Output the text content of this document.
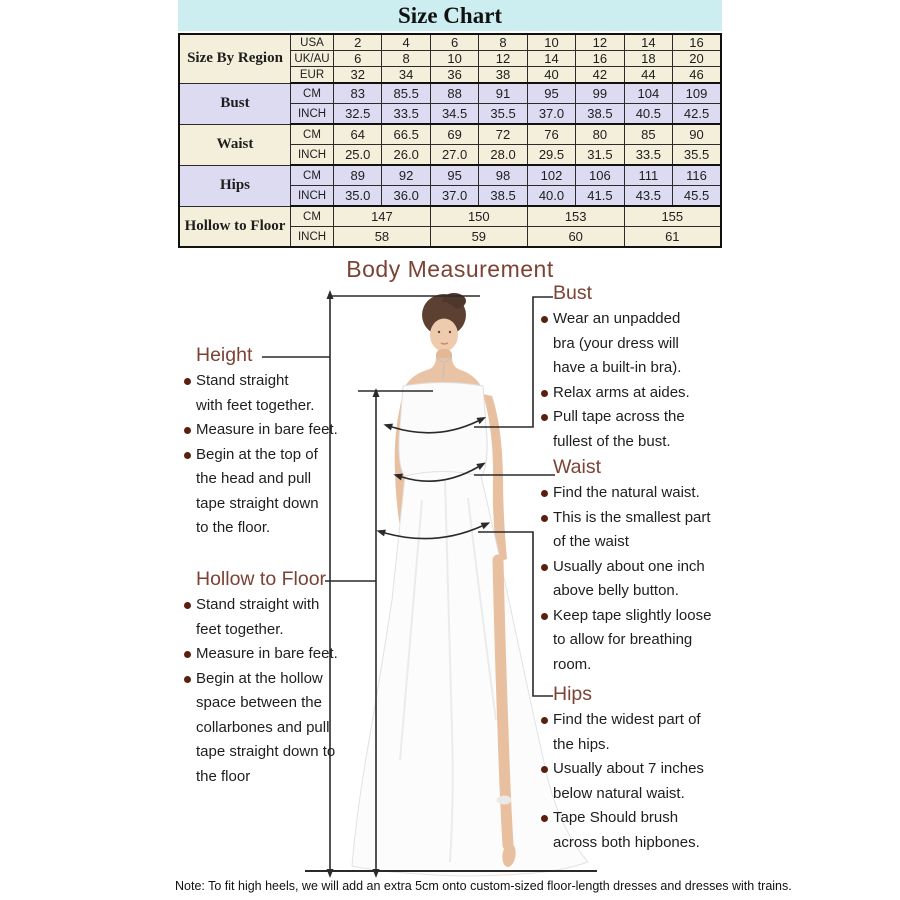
Size Chart
Size By Region	USA	2	4	6	8	10	12	14	16
	UK/AU	6	8	10	12	14	16	18	20
	EUR	32	34	36	38	40	42	44	46
Bust	CM	83	85.5	88	91	95	99	104	109
	INCH	32.5	33.5	34.5	35.5	37.0	38.5	40.5	42.5
Waist	CM	64	66.5	69	72	76	80	85	90
	INCH	25.0	26.0	27.0	28.0	29.5	31.5	33.5	35.5
Hips	CM	89	92	95	98	102	106	111	116
	INCH	35.0	36.0	37.0	38.5	40.0	41.5	43.5	45.5
Hollow to Floor	CM	147		150		153		155	
	INCH	58		59		60		61	
Body Measurement
Height
Stand straight
with feet together.
Measure in bare feet.
Begin at the top of
the head and pull
tape straight down
to the floor.
Hollow to Floor
Stand straight with
feet together.
Measure in bare feet.
Begin at the hollow
space between the
collarbones and pull
tape straight down to
the floor
Bust
Wear an unpadded
bra (your dress will
have a built-in bra).
Relax arms at aides.
Pull tape across the
fullest of the bust.
Waist
Find the natural waist.
This is the smallest part
of the waist
Usually about one inch
above belly button.
Keep tape slightly loose
to allow for breathing
room.
Hips
Find the widest part of
the hips.
Usually about 7 inches
below natural waist.
Tape Should brush
across both hipbones.
Note: To fit high heels, we will add an extra 5cm onto custom-sized floor-length dresses and dresses with trains.
